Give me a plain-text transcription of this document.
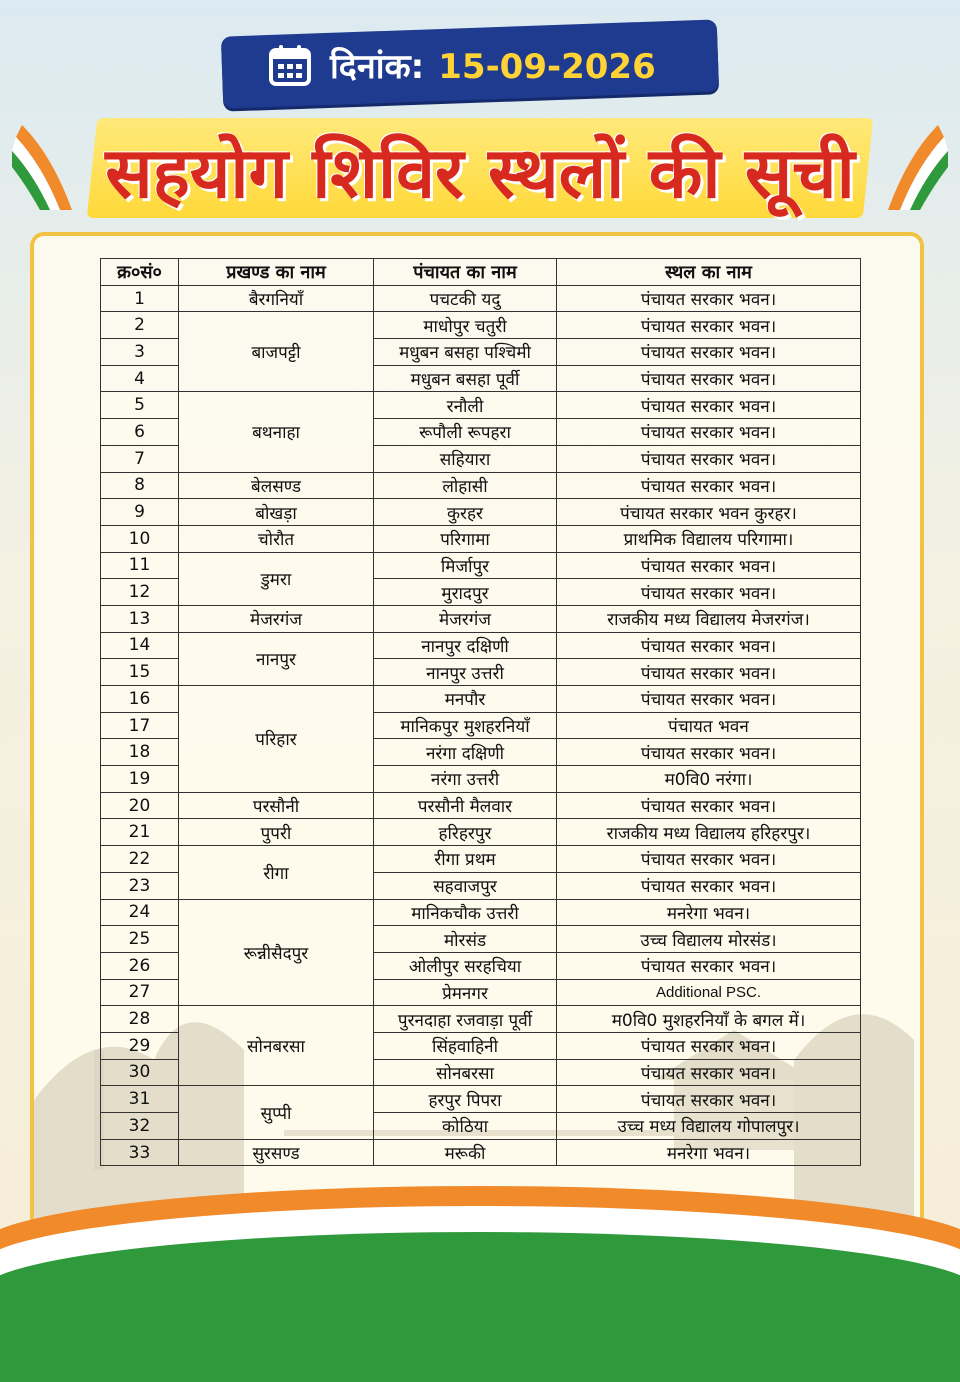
दिनांक: 15-09-2026
सहयोग शिविर स्थलों की सूची
क्र०सं०	प्रखण्ड का नाम	पंचायत का नाम	स्थल का नाम
1	बैरगनियाँ	पचटकी यदु	पंचायत सरकार भवन।
2	बाजपट्टी	माधोपुर चतुरी	पंचायत सरकार भवन।
3		मधुबन बसहा पश्चिमी	पंचायत सरकार भवन।
4		मधुबन बसहा पूर्वी	पंचायत सरकार भवन।
5	बथनाहा	रनौली	पंचायत सरकार भवन।
6		रूपौली रूपहरा	पंचायत सरकार भवन।
7		सहियारा	पंचायत सरकार भवन।
8	बेलसण्ड	लोहासी	पंचायत सरकार भवन।
9	बोखड़ा	कुरहर	पंचायत सरकार भवन कुरहर।
10	चोरौत	परिगामा	प्राथमिक विद्यालय परिगामा।
11	डुमरा	मिर्जापुर	पंचायत सरकार भवन।
12		मुरादपुर	पंचायत सरकार भवन।
13	मेजरगंज	मेजरगंज	राजकीय मध्य विद्यालय मेजरगंज।
14	नानपुर	नानपुर दक्षिणी	पंचायत सरकार भवन।
15		नानपुर उत्तरी	पंचायत सरकार भवन।
16	परिहार	मनपौर	पंचायत सरकार भवन।
17		मानिकपुर मुशहरनियाँ	पंचायत भवन
18		नरंगा दक्षिणी	पंचायत सरकार भवन।
19		नरंगा उत्तरी	म0वि0 नरंगा।
20	परसौनी	परसौनी मैलवार	पंचायत सरकार भवन।
21	पुपरी	हरिहरपुर	राजकीय मध्य विद्यालय हरिहरपुर।
22	रीगा	रीगा प्रथम	पंचायत सरकार भवन।
23		सहवाजपुर	पंचायत सरकार भवन।
24	रून्नीसैदपुर	मानिकचौक उत्तरी	मनरेगा भवन।
25		मोरसंड	उच्च विद्यालय मोरसंड।
26		ओलीपुर सरहचिया	पंचायत सरकार भवन।
27		प्रेमनगर	Additional PSC.
28	सोनबरसा	पुरनदाहा रजवाड़ा पूर्वी	म0वि0 मुशहरनियाँ के बगल में।
29		सिंहवाहिनी	पंचायत सरकार भवन।
30		सोनबरसा	पंचायत सरकार भवन।
31	सुप्पी	हरपुर पिपरा	पंचायत सरकार भवन।
32		कोठिया	उच्च मध्य विद्यालय गोपालपुर।
33	सुरसण्ड	मरूकी	मनरेगा भवन।
